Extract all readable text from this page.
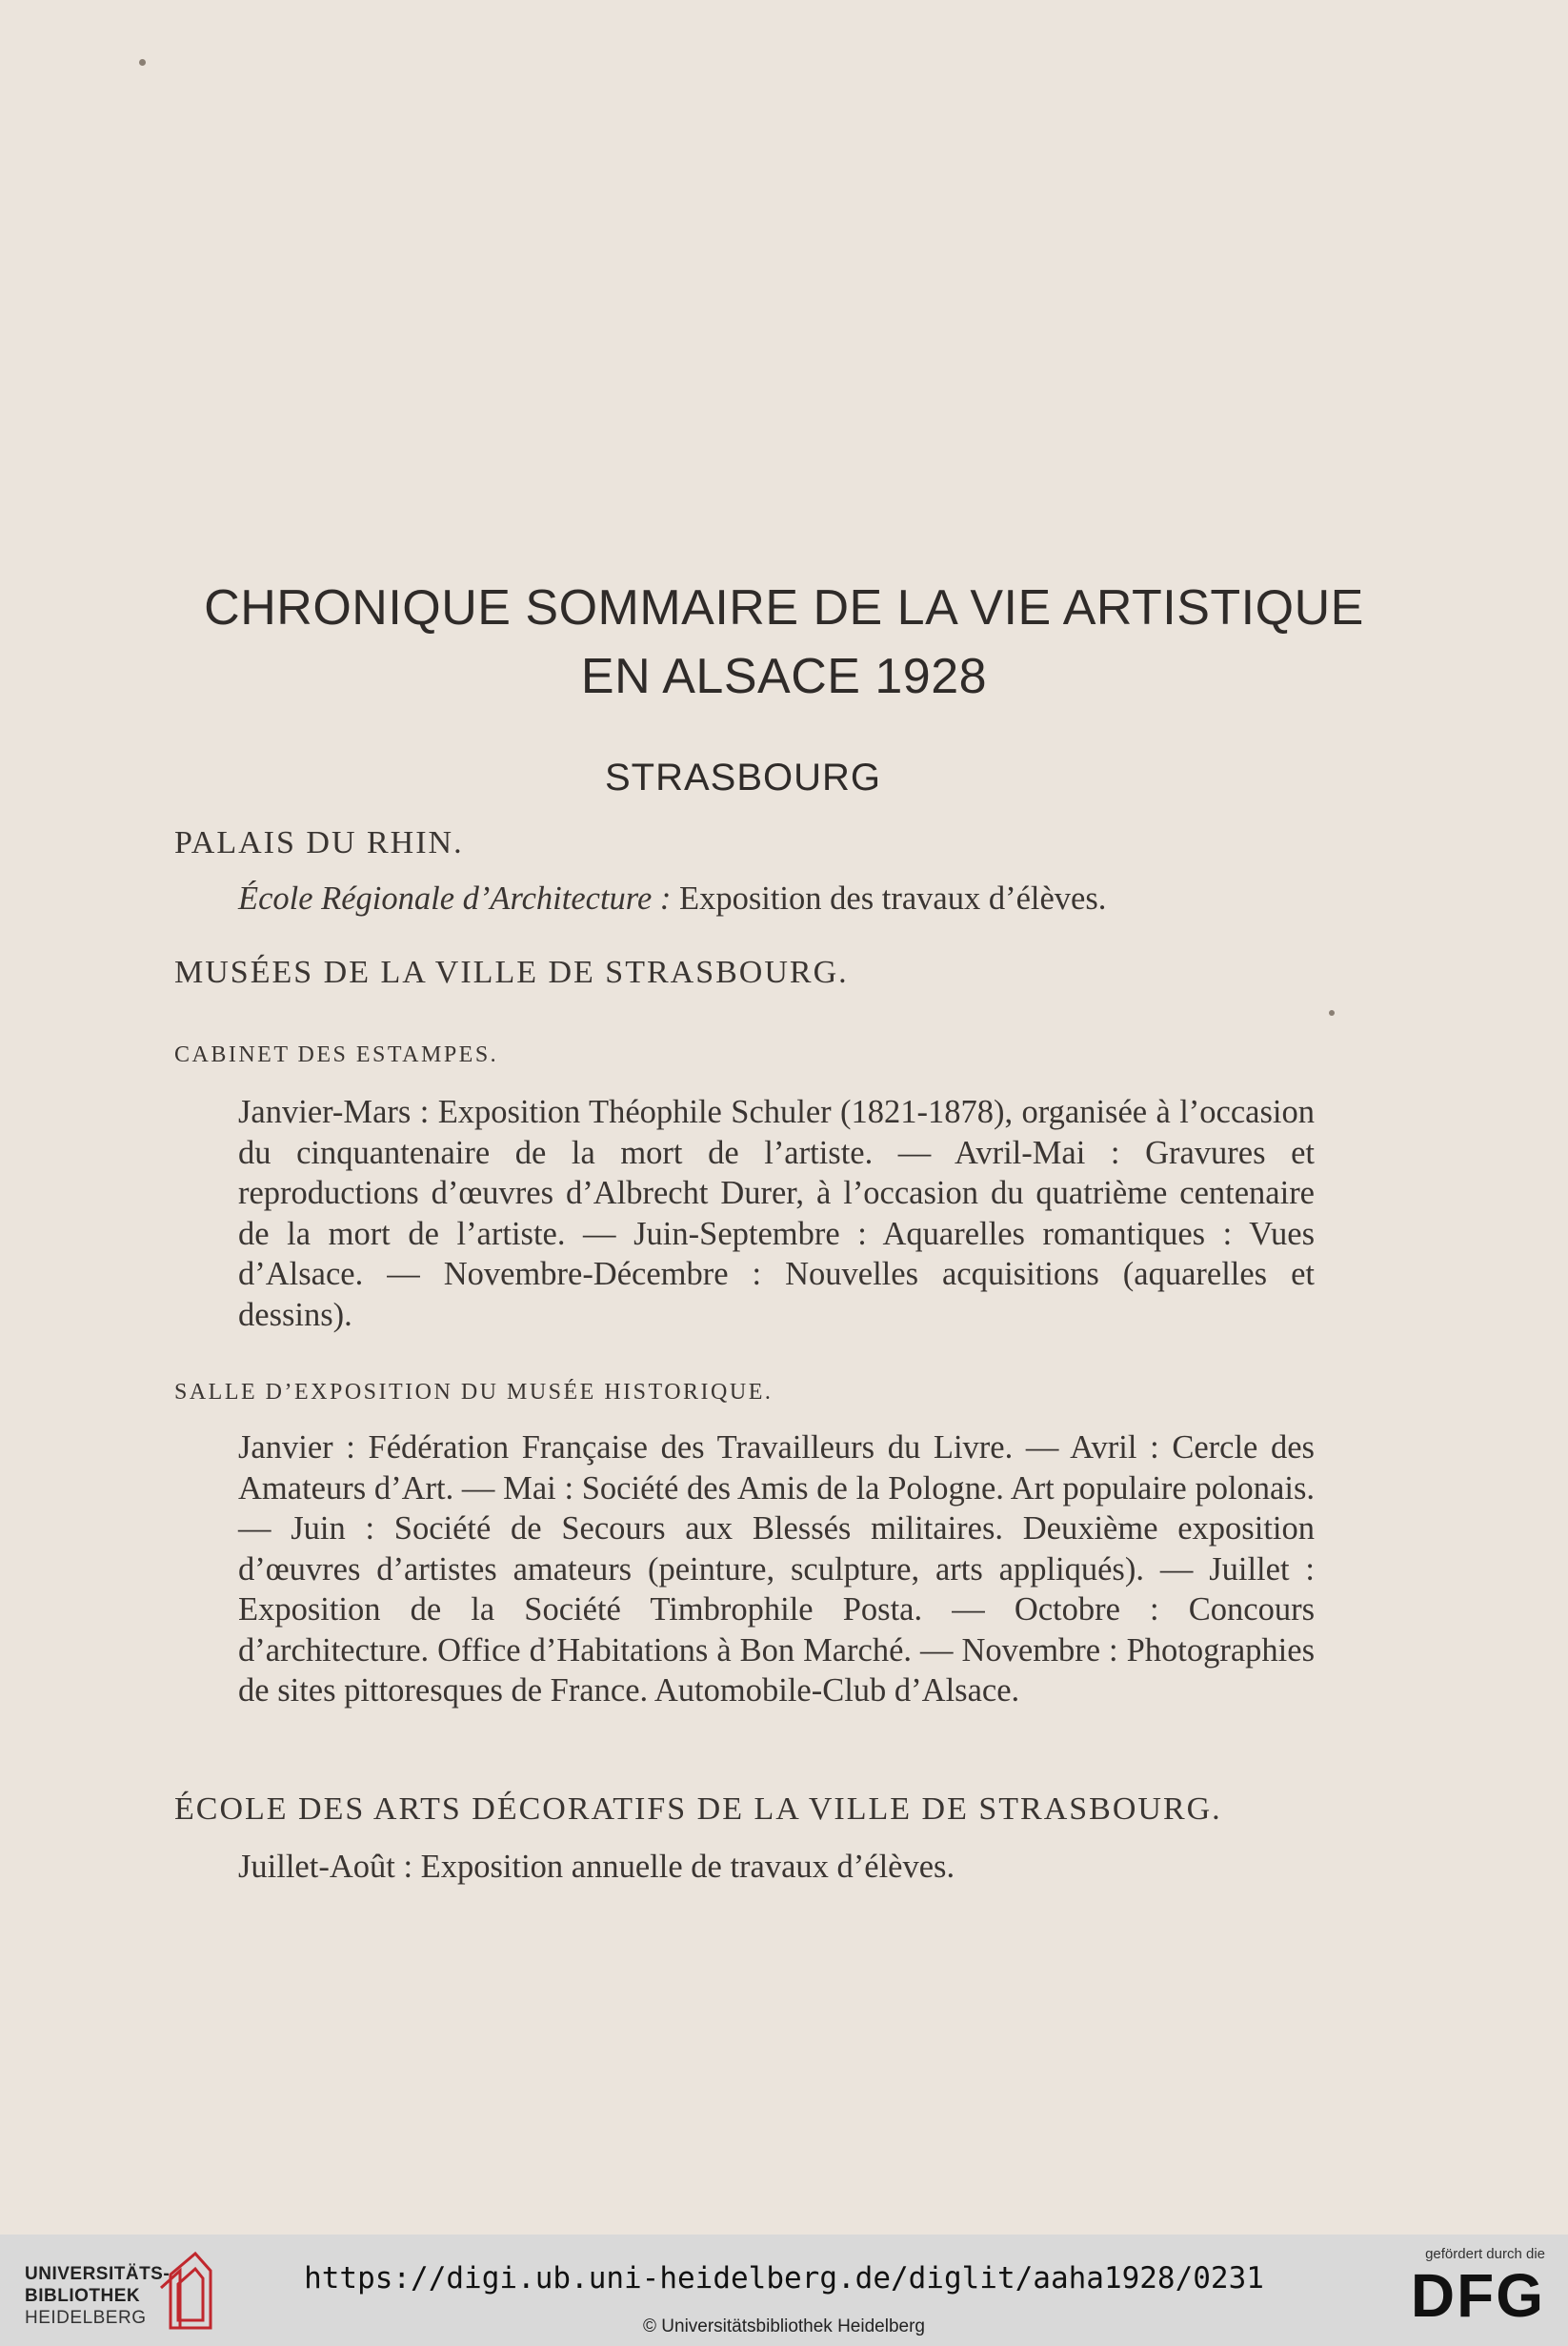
CHRONIQUE SOMMAIRE DE LA VIE ARTISTIQUE
EN ALSACE 1928
STRASBOURG
PALAIS DU RHIN.
École Régionale d’Architecture : Exposition des travaux d’élèves.
MUSÉES DE LA VILLE DE STRASBOURG.
CABINET DES ESTAMPES.
Janvier-Mars : Exposition Théophile Schuler (1821-1878), organisée à l’occasion du cinquantenaire de la mort de l’artiste. — Avril-Mai : Gravures et reproductions d’œuvres d’Albrecht Durer, à l’occasion du quatrième centenaire de la mort de l’artiste. — Juin-Septembre : Aquarelles romantiques : Vues d’Alsace. — Novembre-Décembre : Nouvelles acquisitions (aquarelles et dessins).
SALLE D’EXPOSITION DU MUSÉE HISTORIQUE.
Janvier : Fédération Française des Travailleurs du Livre. — Avril : Cercle des Amateurs d’Art. — Mai : Société des Amis de la Pologne. Art populaire polonais. — Juin : Société de Secours aux Blessés militaires. Deuxième exposition d’œuvres d’artistes amateurs (peinture, sculpture, arts appliqués). — Juillet : Exposition de la Société Timbrophile Posta. — Octobre : Concours d’architecture. Office d’Habitations à Bon Marché. — Novembre : Photographies de sites pittoresques de France. Automobile-Club d’Alsace.
ÉCOLE DES ARTS DÉCORATIFS DE LA VILLE DE STRASBOURG.
Juillet-Août : Exposition annuelle de travaux d’élèves.
UNIVERSITÄTS-
BIBLIOTHEK
HEIDELBERG
https://digi.ub.uni-heidelberg.de/diglit/aaha1928/0231
© Universitätsbibliothek Heidelberg
gefördert durch die
DFG
